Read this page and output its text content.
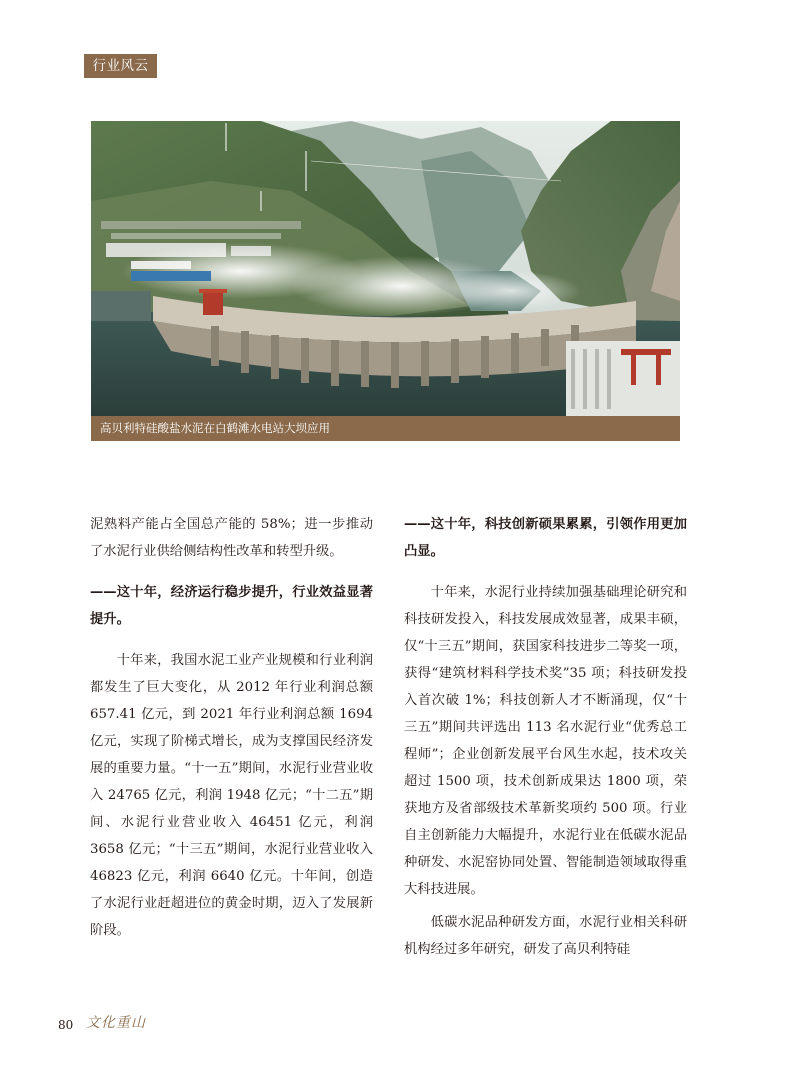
行业风云
高贝利特硅酸盐水泥在白鹤滩水电站大坝应用

泥熟料产能占全国总产能的 58%；进一步推动了水泥行业供给侧结构性改革和转型升级。

——这十年，经济运行稳步提升，行业效益显著提升。

十年来，我国水泥工业产业规模和行业利润都发生了巨大变化，从 2012 年行业利润总额 657.41 亿元，到 2021 年行业利润总额 1694 亿元，实现了阶梯式增长，成为支撑国民经济发展的重要力量。“十一五”期间，水泥行业营业收入 24765 亿元，利润 1948 亿元；“十二五”期间、水泥行业营业收入 46451 亿元，利润 3658 亿元；“十三五”期间，水泥行业营业收入 46823 亿元，利润 6640 亿元。十年间，创造了水泥行业赶超进位的黄金时期，迈入了发展新阶段。

——这十年，科技创新硕果累累，引领作用更加凸显。

十年来，水泥行业持续加强基础理论研究和科技研发投入，科技发展成效显著，成果丰硕，仅“十三五”期间，获国家科技进步二等奖一项，获得“建筑材料科学技术奖”35 项；科技研发投入首次破 1%；科技创新人才不断涌现，仅“十三五”期间共评选出 113 名水泥行业“优秀总工程师”；企业创新发展平台风生水起，技术攻关超过 1500 项，技术创新成果达 1800 项，荣获地方及省部级技术革新奖项约 500 项。行业自主创新能力大幅提升，水泥行业在低碳水泥品种研发、水泥窑协同处置、智能制造领域取得重大科技进展。

低碳水泥品种研发方面，水泥行业相关科研机构经过多年研究，研发了高贝利特硅

80 文化重山
